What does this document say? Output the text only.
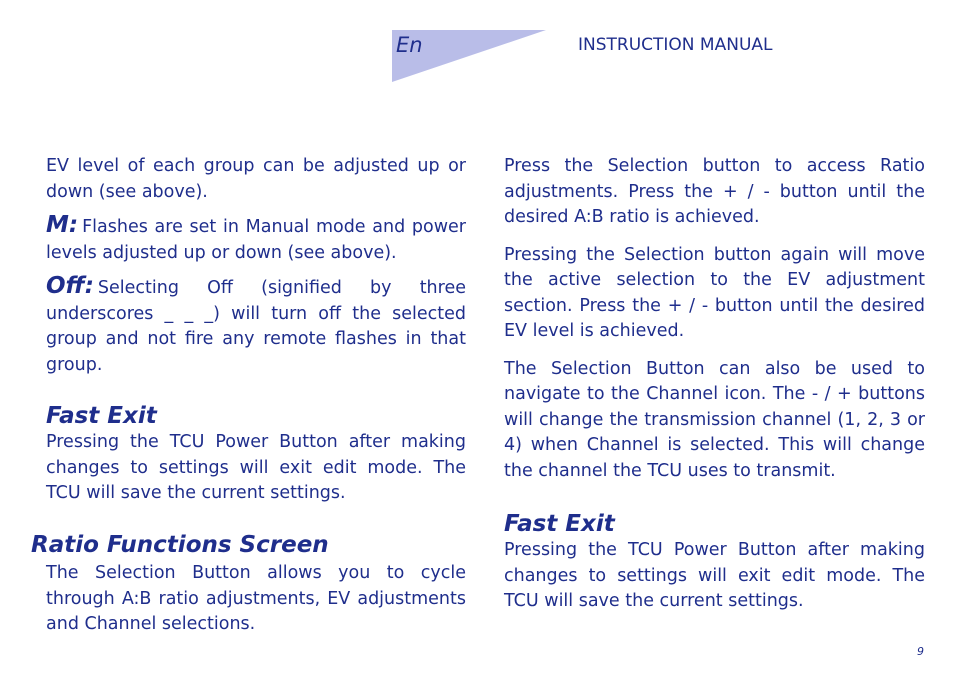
En	INSTRUCTION MANUAL

EV level of each group can be adjusted up or down (see above).

M: Flashes are set in Manual mode and power levels adjusted up or down (see above).

Off: Selecting Off (signified by three underscores _ _ _) will turn off the selected group and not fire any remote flashes in that group.

Fast Exit

Pressing the TCU Power Button after making changes to settings will exit edit mode. The TCU will save the current settings.

Ratio Functions Screen

The Selection Button allows you to cycle through A:B ratio adjustments, EV adjustments and Channel selections.

Press the Selection button to access Ratio adjustments. Press the + / - button until the desired A:B ratio is achieved.

Pressing the Selection button again will move the active selection to the EV adjustment section. Press the + / - button until the desired EV level is achieved.

The Selection Button can also be used to navigate to the Channel icon. The - / + buttons will change the transmission channel (1, 2, 3 or 4) when Channel is selected. This will change the channel the TCU uses to transmit.

Fast Exit

Pressing the TCU Power Button after making changes to settings will exit edit mode. The TCU will save the current settings.

9
